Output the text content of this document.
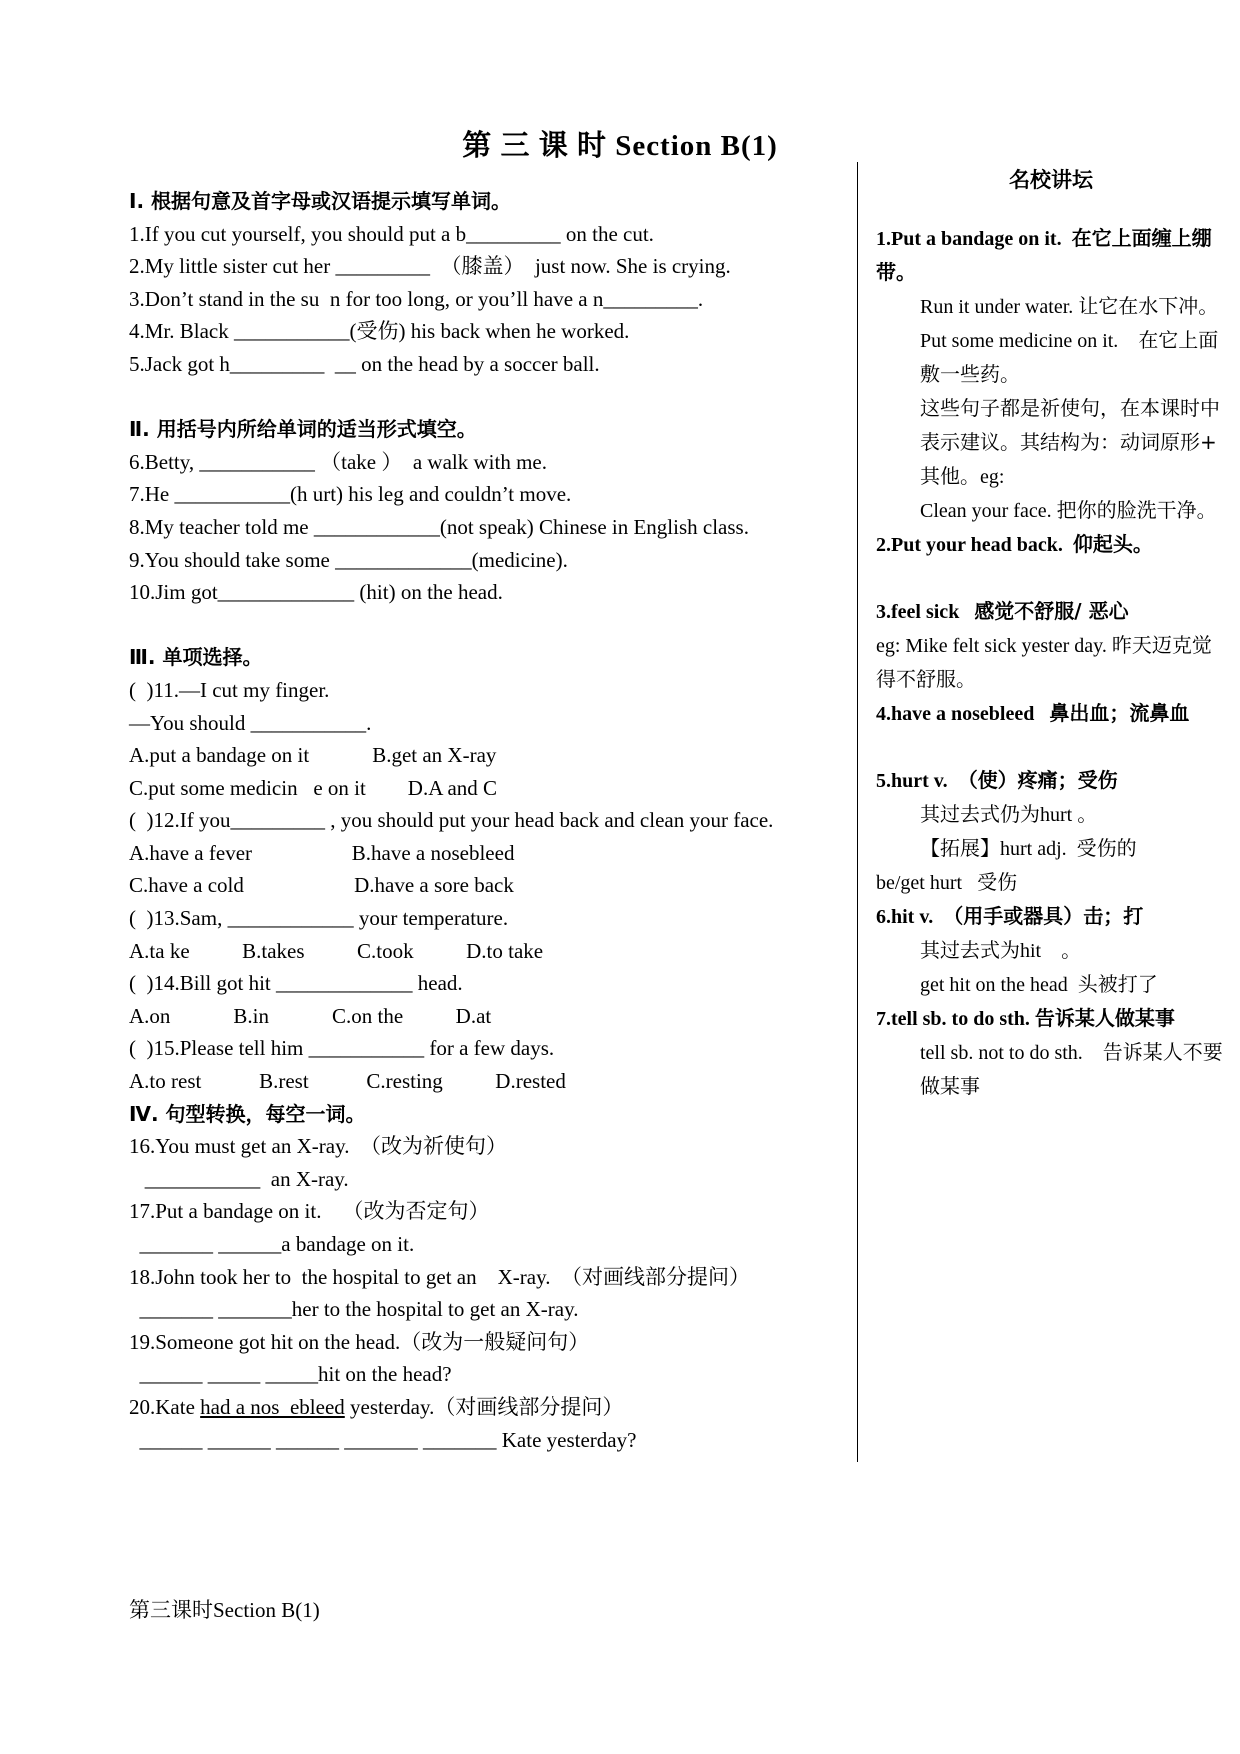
第 三 课 时 Section B(1)

Ⅰ. 根据句意及首字母或汉语提示填写单词。

1.If you cut yourself, you should put a b_________ on the cut.

2.My little sister cut her _________  （膝盖）  just now. She is crying.

3.Don’t stand in the su  n for too long, or you’ll have a n_________.

4.Mr. Black ___________(受伤) his back when he worked.

5.Jack got h_________  __ on the head by a soccer ball.

Ⅱ. 用括号内所给单词的适当形式填空。

6.Betty, ___________ （take ）  a walk with me.

7.He ___________(h urt) his leg and couldn’t move.

8.My teacher told me ____________(not speak) Chinese in English class.

9.You should take some _____________(medicine).

10.Jim got_____________ (hit) on the head.

Ⅲ. 单项选择。

(  )11.—I cut my finger.

—You should ___________.

A.put a bandage on it            B.get an X-ray

C.put some medicin   e on it        D.A and C

(  )12.If you_________ , you should put your head back and clean your face.

A.have a fever                   B.have a nosebleed

C.have a cold                     D.have a sore back

(  )13.Sam, ____________ your temperature.

A.ta ke          B.takes          C.took          D.to take

(  )14.Bill got hit _____________ head.

A.on            B.in            C.on the          D.at

(  )15.Please tell him ___________ for a few days.

A.to rest           B.rest           C.resting          D.rested

Ⅳ. 句型转换，每空一词。

16.You must get an X-ray.  （改为祈使句）

___________  an X-ray.

17.Put a bandage on it.    （改为否定句）

_______ ______a bandage on it.

18.John took her to  the hospital to get an    X-ray.  （对画线部分提问）

_______ _______her to the hospital to get an X-ray.

19.Someone got hit on the head.（改为一般疑问句）

______ _____ _____hit on the head?

20.Kate had a nos  ebleed yesterday.（对画线部分提问）

______ ______ ______ _______ _______ Kate yesterday?

名校讲坛

1.Put a bandage on it. 在它上面缠上绷带。

Run it under water. 让它在水下冲。

Put some medicine on it. 在它上面敷一些药。

这些句子都是祈使句，在本课时中表示建议。其结构为：动词原形+ 其他。eg:

Clean your face. 把你的脸洗干净。

2.Put your head back. 仰起头。

3.feel sick 感觉不舒服/ 恶心

eg: Mike felt sick yester day. 昨天迈克觉得不舒服。

4.have a nosebleed 鼻出血；流鼻血

5.hurt v. （使）疼痛；受伤

其过去式仍为hurt 。

【拓展】hurt adj. 受伤的

be/get hurt 受伤

6.hit v. （用手或器具）击；打

其过去式为hit 。

get hit on the head 头被打了

7.tell sb. to do sth. 告诉某人做某事

tell sb. not to do sth. 告诉某人不要做某事

第三课时Section B(1)
